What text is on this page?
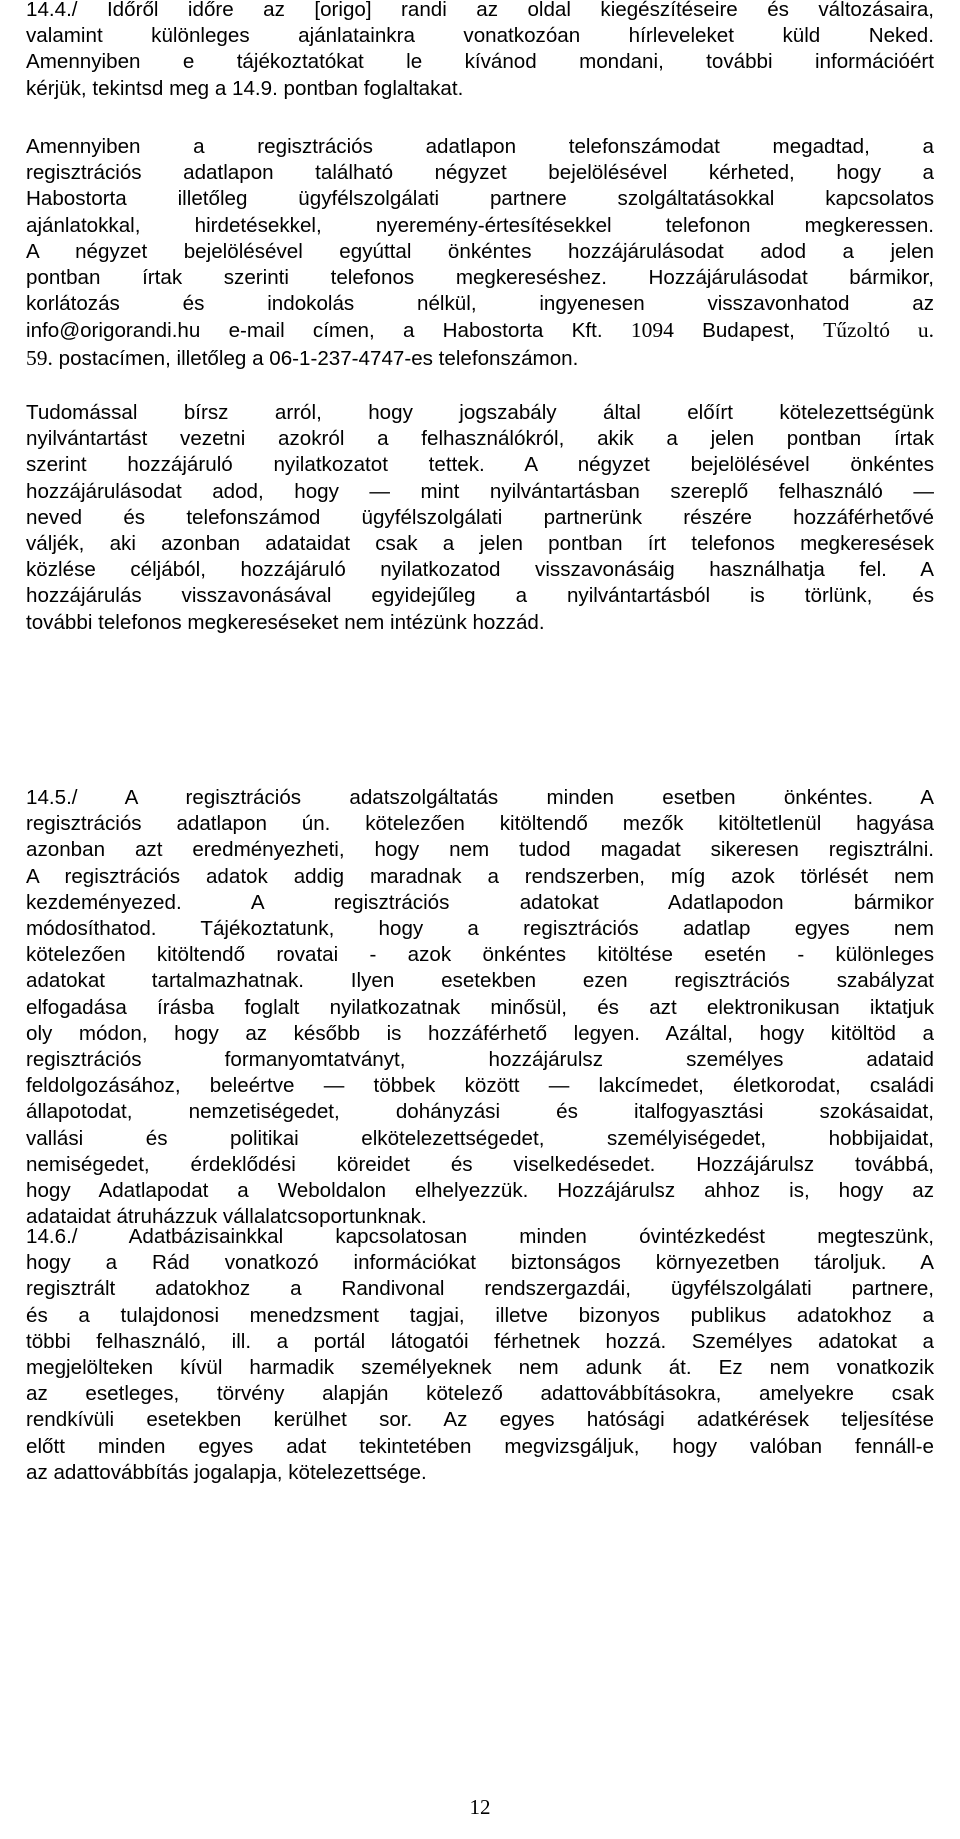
14.4./ Időről időre az [origo] randi az oldal kiegészítéseire és változásaira,
valamint különleges ajánlatainkra vonatkozóan hírleveleket küld Neked.
Amennyiben e tájékoztatókat le kívánod mondani, további információért
kérjük, tekintsd meg a 14.9. pontban foglaltakat.
Amennyiben a regisztrációs adatlapon telefonszámodat megadtad, a
regisztrációs adatlapon található négyzet bejelölésével kérheted, hogy a
Habostorta illetőleg ügyfélszolgálati partnere szolgáltatásokkal kapcsolatos
ajánlatokkal, hirdetésekkel, nyeremény-értesítésekkel telefonon megkeressen.
A négyzet bejelölésével egyúttal önkéntes hozzájárulásodat adod a jelen
pontban írtak szerinti telefonos megkereséshez. Hozzájárulásodat bármikor,
korlátozás és indokolás nélkül, ingyenesen visszavonhatod az
info@origorandi.hu e-mail címen, a Habostorta Kft. 1094 Budapest, Tűzoltó u.
59. postacímen, illetőleg a 06-1-237-4747-es telefonszámon.
Tudomással bírsz arról, hogy jogszabály által előírt kötelezettségünk
nyilvántartást vezetni azokról a felhasználókról, akik a jelen pontban írtak
szerint hozzájáruló nyilatkozatot tettek. A négyzet bejelölésével önkéntes
hozzájárulásodat adod, hogy — mint nyilvántartásban szereplő felhasználó —
neved és telefonszámod ügyfélszolgálati partnerünk részére hozzáférhetővé
váljék, aki azonban adataidat csak a jelen pontban írt telefonos megkeresések
közlése céljából, hozzájáruló nyilatkozatod visszavonásáig használhatja fel. A
hozzájárulás visszavonásával egyidejűleg a nyilvántartásból is törlünk, és
további telefonos megkereséseket nem intézünk hozzád.
14.5./ A regisztrációs adatszolgáltatás minden esetben önkéntes. A
regisztrációs adatlapon ún. kötelezően kitöltendő mezők kitöltetlenül hagyása
azonban azt eredményezheti, hogy nem tudod magadat sikeresen regisztrálni.
A regisztrációs adatok addig maradnak a rendszerben, míg azok törlését nem
kezdeményezed. A regisztrációs adatokat Adatlapodon bármikor
módosíthatod. Tájékoztatunk, hogy a regisztrációs adatlap egyes nem
kötelezően kitöltendő rovatai - azok önkéntes kitöltése esetén - különleges
adatokat tartalmazhatnak. Ilyen esetekben ezen regisztrációs szabályzat
elfogadása írásba foglalt nyilatkozatnak minősül, és azt elektronikusan iktatjuk
oly módon, hogy az később is hozzáférhető legyen. Azáltal, hogy kitöltöd a
regisztrációs formanyomtatványt, hozzájárulsz személyes adataid
feldolgozásához, beleértve — többek között — lakcímedet, életkorodat, családi
állapotodat, nemzetiségedet, dohányzási és italfogyasztási szokásaidat,
vallási és politikai elkötelezettségedet, személyiségedet, hobbijaidat,
nemiségedet, érdeklődési köreidet és viselkedésedet. Hozzájárulsz továbbá,
hogy Adatlapodat a Weboldalon elhelyezzük. Hozzájárulsz ahhoz is, hogy az
adataidat átruházzuk vállalatcsoportunknak.
14.6./ Adatbázisainkkal kapcsolatosan minden óvintézkedést megteszünk,
hogy a Rád vonatkozó információkat biztonságos környezetben tároljuk. A
regisztrált adatokhoz a Randivonal rendszergazdái, ügyfélszolgálati partnere,
és a tulajdonosi menedzsment tagjai, illetve bizonyos publikus adatokhoz a
többi felhasználó, ill. a portál látogatói férhetnek hozzá. Személyes adatokat a
megjelölteken kívül harmadik személyeknek nem adunk át. Ez nem vonatkozik
az esetleges, törvény alapján kötelező adattovábbításokra, amelyekre csak
rendkívüli esetekben kerülhet sor. Az egyes hatósági adatkérések teljesítése
előtt minden egyes adat tekintetében megvizsgáljuk, hogy valóban fennáll-e
az adattovábbítás jogalapja, kötelezettsége.
12
